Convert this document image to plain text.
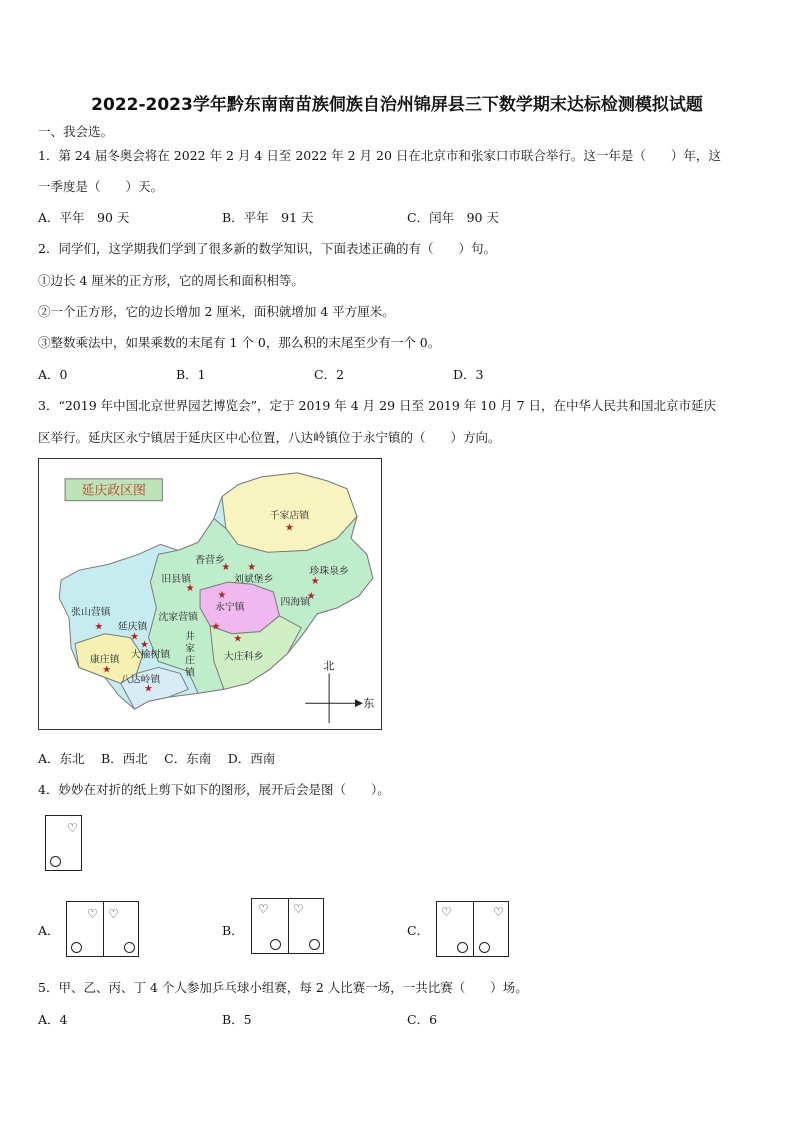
2022-2023学年黔东南南苗族侗族自治州锦屏县三下数学期末达标检测模拟试题
一、我会选。
1．第 24 届冬奥会将在 2022 年 2 月 4 日至 2022 年 2 月 20 日在北京市和张家口市联合举行。这一年是（　　）年，这
一季度是（　　）天。
A．平年　90 天	B．平年　91 天	C．闰年　90 天
2．同学们，这学期我们学到了很多新的数学知识，下面表述正确的有（　　）句。
①边长 4 厘米的正方形，它的周长和面积相等。
②一个正方形，它的边长增加 2 厘米，面积就增加 4 平方厘米。
③整数乘法中，如果乘数的末尾有 1 个 0，那么积的末尾至少有一个 0。
A．0	B．1	C．2	D．3
3．“2019 年中国北京世界园艺博览会”，定于 2019 年 4 月 29 日至 2019 年 10 月 7 日，在中华人民共和国北京市延庆
区举行。延庆区永宁镇居于延庆区中心位置，八达岭镇位于永宁镇的（　　）方向。
延庆政区图
千家店镇
★
香营乡
★
旧县镇
★
刘斌堡乡
★	珍珠泉乡
★
四海镇
★
张山营镇
★
沈家营镇
★
永宁镇
★
延庆镇
★	井
家
庄
镇
大榆树镇
★
康庄镇
★
大庄科乡
★
八达岭镇
★
北
东
A．东北　 B．西北　 C．东南　 D．西南
4．妙妙在对折的纸上剪下如下的图形，展开后会是图（　　）。
♡
A．
♡ ♡
B．
♡ ♡
C．
♡	♡
5．甲、乙、丙、丁 4 个人参加乒乓球小组赛，每 2 人比赛一场，一共比赛（　　）场。
A．4	B．5	C．6
